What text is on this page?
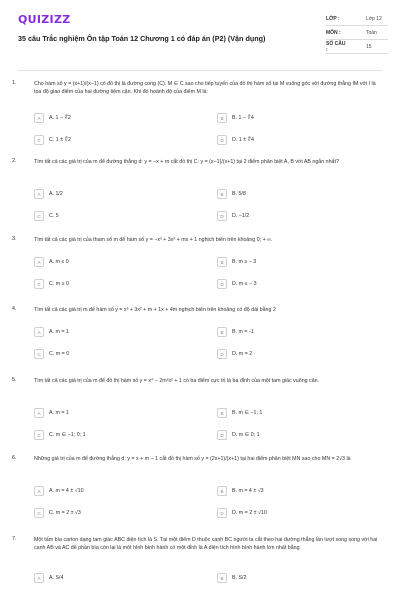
QUIZIZZ
35 câu Trắc nghiệm Ôn tập Toán 12 Chương 1 có đáp án (P2) (Vận dụng)
LỚP :	Lớp 12
MÔN :	Toán
SỐ CÂU :	15
1.	Cho hàm số y = (x+1)/(x−1) có đồ thị là đường cong (C). M ∈ C sao cho tiếp tuyến của đồ thị hàm số tại M vuông góc với đường thẳng IM với I là tọa độ giao điểm của hai đường tiệm cận. Khi đó hoành độ của điểm M là:
A	A. 1 − ∜2	B	B. 1 − ∜4
C	C. 1 ± ∜2	D	D. 1 ± ∜4
2.	Tìm tất cả các giá trị của m để đường thẳng d: y = −x + m cắt đồ thị C: y = (x−1)/(x+1) tại 2 điểm phân biệt A, B với AB ngắn nhất?
A	A. 1/2	B	B. 5/8
C	C. 5	D	D. −1/2
3.	Tìm tất cả các giá trị của tham số m để hàm số y = −x³ + 3x² + mx + 1 nghịch biến trên khoảng 0; + ∞.
A	A. m ≤ 0	B	B. m ≥ − 3
C	C. m ≥ 0	D	D. m ≤ − 3
4.	Tìm tất cả các giá trị m để hàm số y = x³ + 3x² + m + 1x + 4m nghịch biến trên khoảng có độ dài bằng 2
A	A. m = 1	B	B. m = -1
C	C. m = 0	D	D. m = 2
5.	Tìm tất cả các giá trị của m để đồ thị hàm số y = x⁴ − 2m²x² + 1 có ba điểm cực trị là ba đỉnh của một tam giác vuông cân.
A	A. m = 1	B	B. m ∈ −1; 1
C	C. m ∈ −1; 0; 1	D	D. m ∈ 0; 1
6.	Những giá trị của m để đường thẳng d: y = x + m − 1 cắt đồ thị hàm số y = (2x+1)/(x+1) tại hai điểm phân biệt MN sao cho MN = 2√3 là
A	A. m = 4 ± √10	B	B. m = 4 ± √3
C	C. m = 2 ± √3	D	D. m = 2 ± √10
7.	Một tấm bìa carton dạng tam giác ABC diện tích là S. Tại một điểm D thuộc cạnh BC người ta cắt theo hai đường thẳng lần lượt song song với hai cạnh AB và AC để phần bìa còn lại là một hình bình hành có một đỉnh là A diện tích hình bình hành lớn nhất bằng
A	A. S/4	B	B. S/2
